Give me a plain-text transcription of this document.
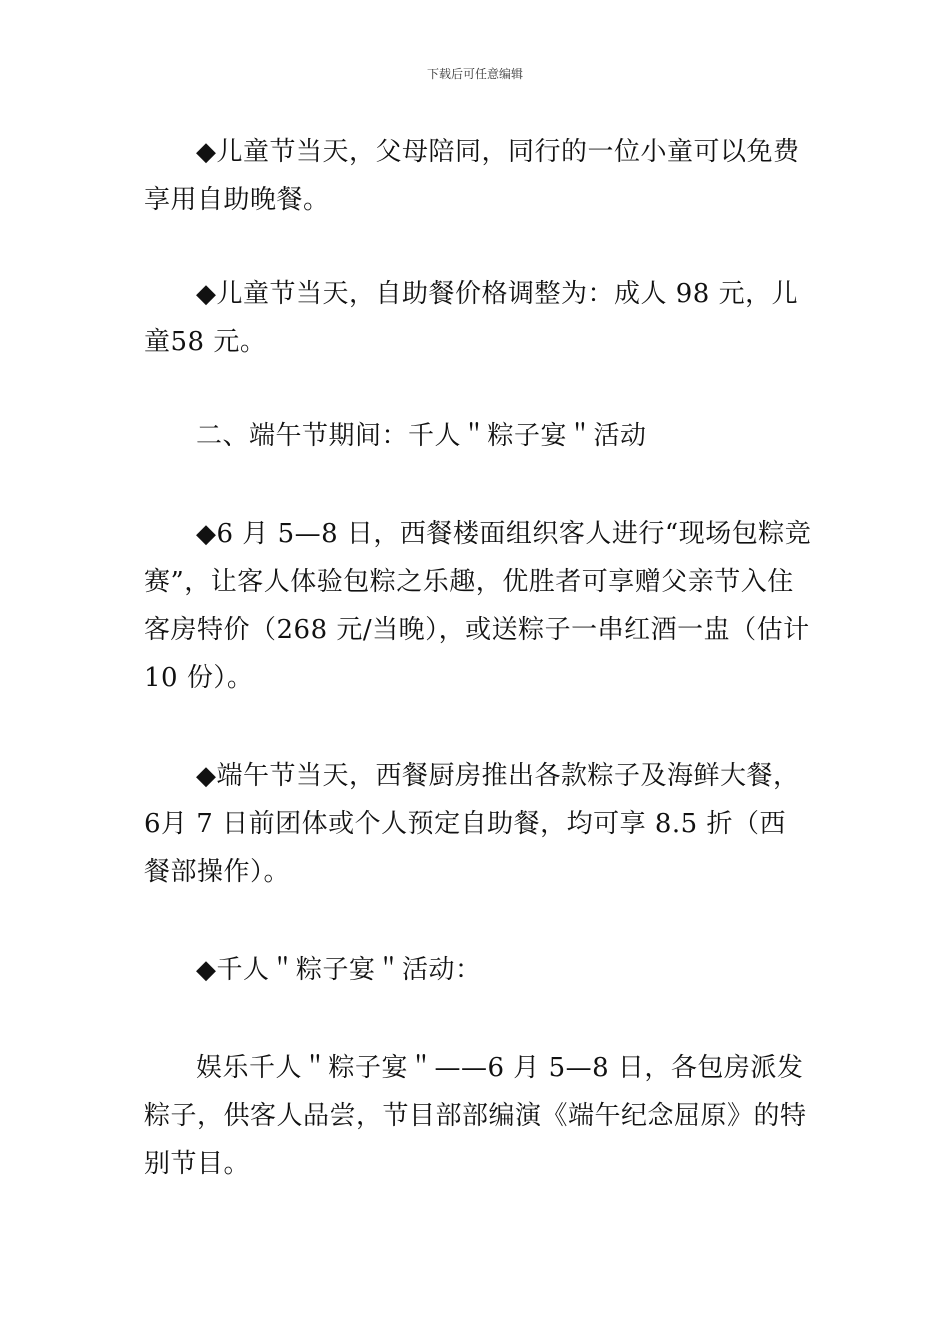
下载后可任意编辑

◆儿童节当天，父母陪同，同行的一位小童可以免费享用自助晚餐。

◆儿童节当天，自助餐价格调整为：成人 98 元，儿童58 元。

二、端午节期间：千人＂粽子宴＂活动

◆6 月 5—8 日，西餐楼面组织客人进行“现场包粽竞赛”，让客人体验包粽之乐趣，优胜者可享赠父亲节入住客房特价（268 元/当晚），或送粽子一串红酒一盅（估计10 份）。

◆端午节当天，西餐厨房推出各款粽子及海鲜大餐，6月 7 日前团体或个人预定自助餐，均可享 8.5 折（西餐部操作）。

◆千人＂粽子宴＂活动：

娱乐千人＂粽子宴＂——6 月 5—8 日，各包房派发粽子，供客人品尝，节目部部编演《端午纪念屈原》的特别节目。
